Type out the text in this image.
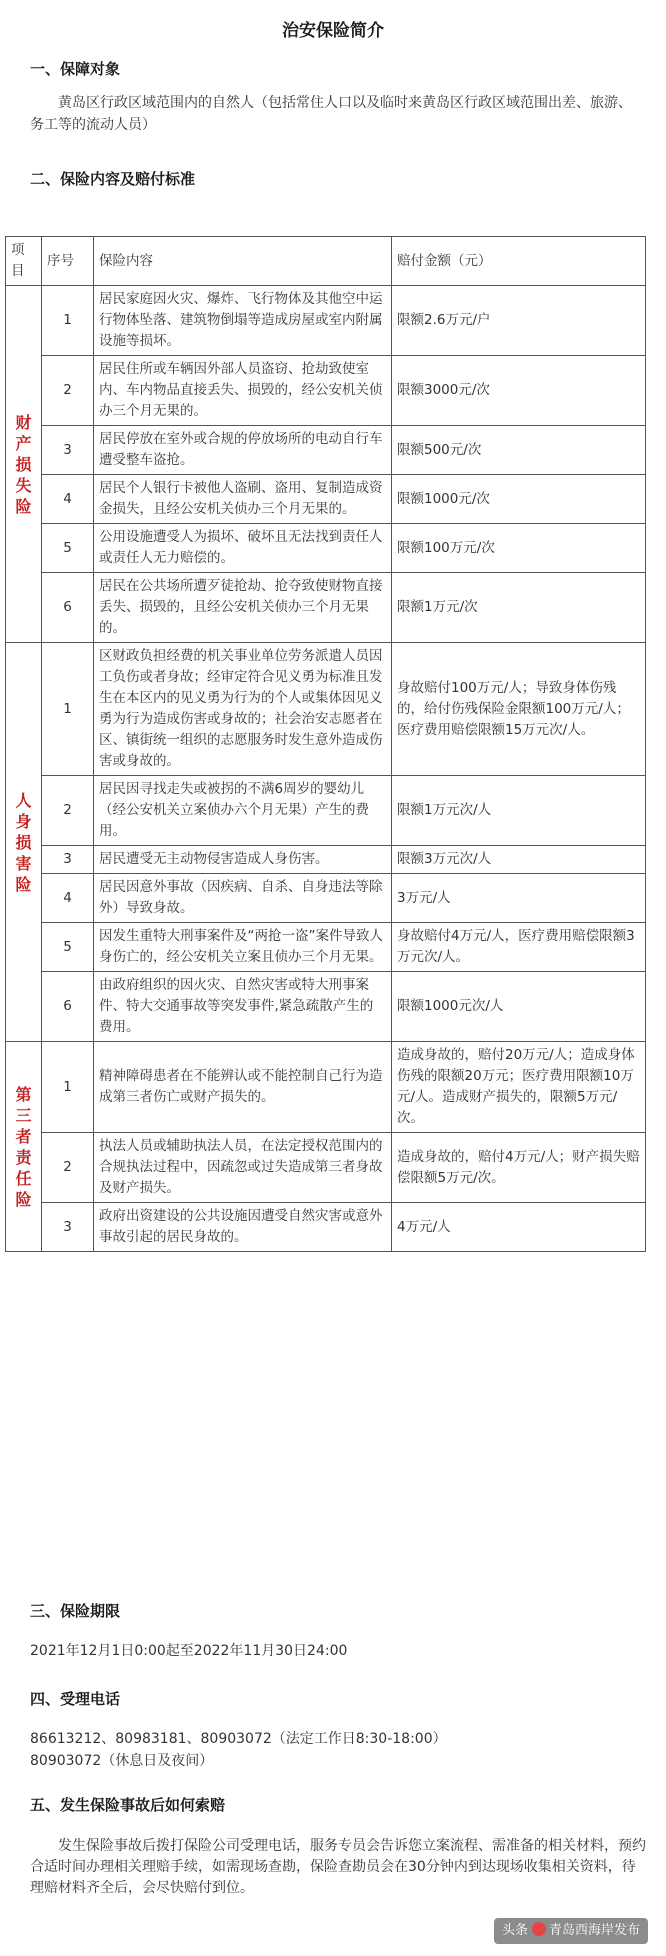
治安保险简介
一、保障对象
黄岛区行政区域范围内的自然人（包括常住人口以及临时来黄岛区行政区域范围出差、旅游、务工等的流动人员）
二、保险内容及赔付标准
项目	序号	保险内容	赔付金额（元）
财产损失险	1	居民家庭因火灾、爆炸、飞行物体及其他空中运行物体坠落、建筑物倒塌等造成房屋或室内附属设施等损坏。	限额2.6万元/户
	2	居民住所或车辆因外部人员盗窃、抢劫致使室内、车内物品直接丢失、损毁的，经公安机关侦办三个月无果的。	限额3000元/次
	3	居民停放在室外或合规的停放场所的电动自行车遭受整车盗抢。	限额500元/次
	4	居民个人银行卡被他人盗刷、盗用、复制造成资金损失，且经公安机关侦办三个月无果的。	限额1000元/次
	5	公用设施遭受人为损坏、破坏且无法找到责任人或责任人无力赔偿的。	限额100万元/次
	6	居民在公共场所遭歹徒抢劫、抢夺致使财物直接丢失、损毁的，且经公安机关侦办三个月无果的。	限额1万元/次
人身损害险	1	区财政负担经费的机关事业单位劳务派遣人员因工负伤或者身故；经审定符合见义勇为标准且发生在本区内的见义勇为行为的个人或集体因见义勇为行为造成伤害或身故的；社会治安志愿者在区、镇街统一组织的志愿服务时发生意外造成伤害或身故的。	身故赔付100万元/人；导致身体伤残的，给付伤残保险金限额100万元/人；医疗费用赔偿限额15万元次/人。
	2	居民因寻找走失或被拐的不满6周岁的婴幼儿（经公安机关立案侦办六个月无果）产生的费用。	限额1万元次/人
	3	居民遭受无主动物侵害造成人身伤害。	限额3万元次/人
	4	居民因意外事故（因疾病、自杀、自身违法等除外）导致身故。	3万元/人
	5	因发生重特大刑事案件及“两抢一盗”案件导致人身伤亡的，经公安机关立案且侦办三个月无果。	身故赔付4万元/人，医疗费用赔偿限额3万元次/人。
	6	由政府组织的因火灾、自然灾害或特大刑事案件、特大交通事故等突发事件,紧急疏散产生的费用。	限额1000元次/人
第三者责任险	1	精神障碍患者在不能辨认或不能控制自己行为造成第三者伤亡或财产损失的。	造成身故的，赔付20万元/人；造成身体伤残的限额20万元；医疗费用限额10万元/人。造成财产损失的，限额5万元/次。
	2	执法人员或辅助执法人员，在法定授权范围内的合规执法过程中，因疏忽或过失造成第三者身故及财产损失。	造成身故的，赔付4万元/人；财产损失赔偿限额5万元/次。
	3	政府出资建设的公共设施因遭受自然灾害或意外事故引起的居民身故的。	4万元/人
三、保险期限
2021年12月1日0:00起至2022年11月30日24:00
四、受理电话
86613212、80983181、80903072（法定工作日8:30-18:00）
80903072（休息日及夜间）
五、发生保险事故后如何索赔
发生保险事故后拨打保险公司受理电话，服务专员会告诉您立案流程、需准备的相关材料，预约合适时间办理相关理赔手续，如需现场查勘，保险查勘员会在30分钟内到达现场收集相关资料，待理赔材料齐全后，会尽快赔付到位。
头条 青岛西海岸发布
